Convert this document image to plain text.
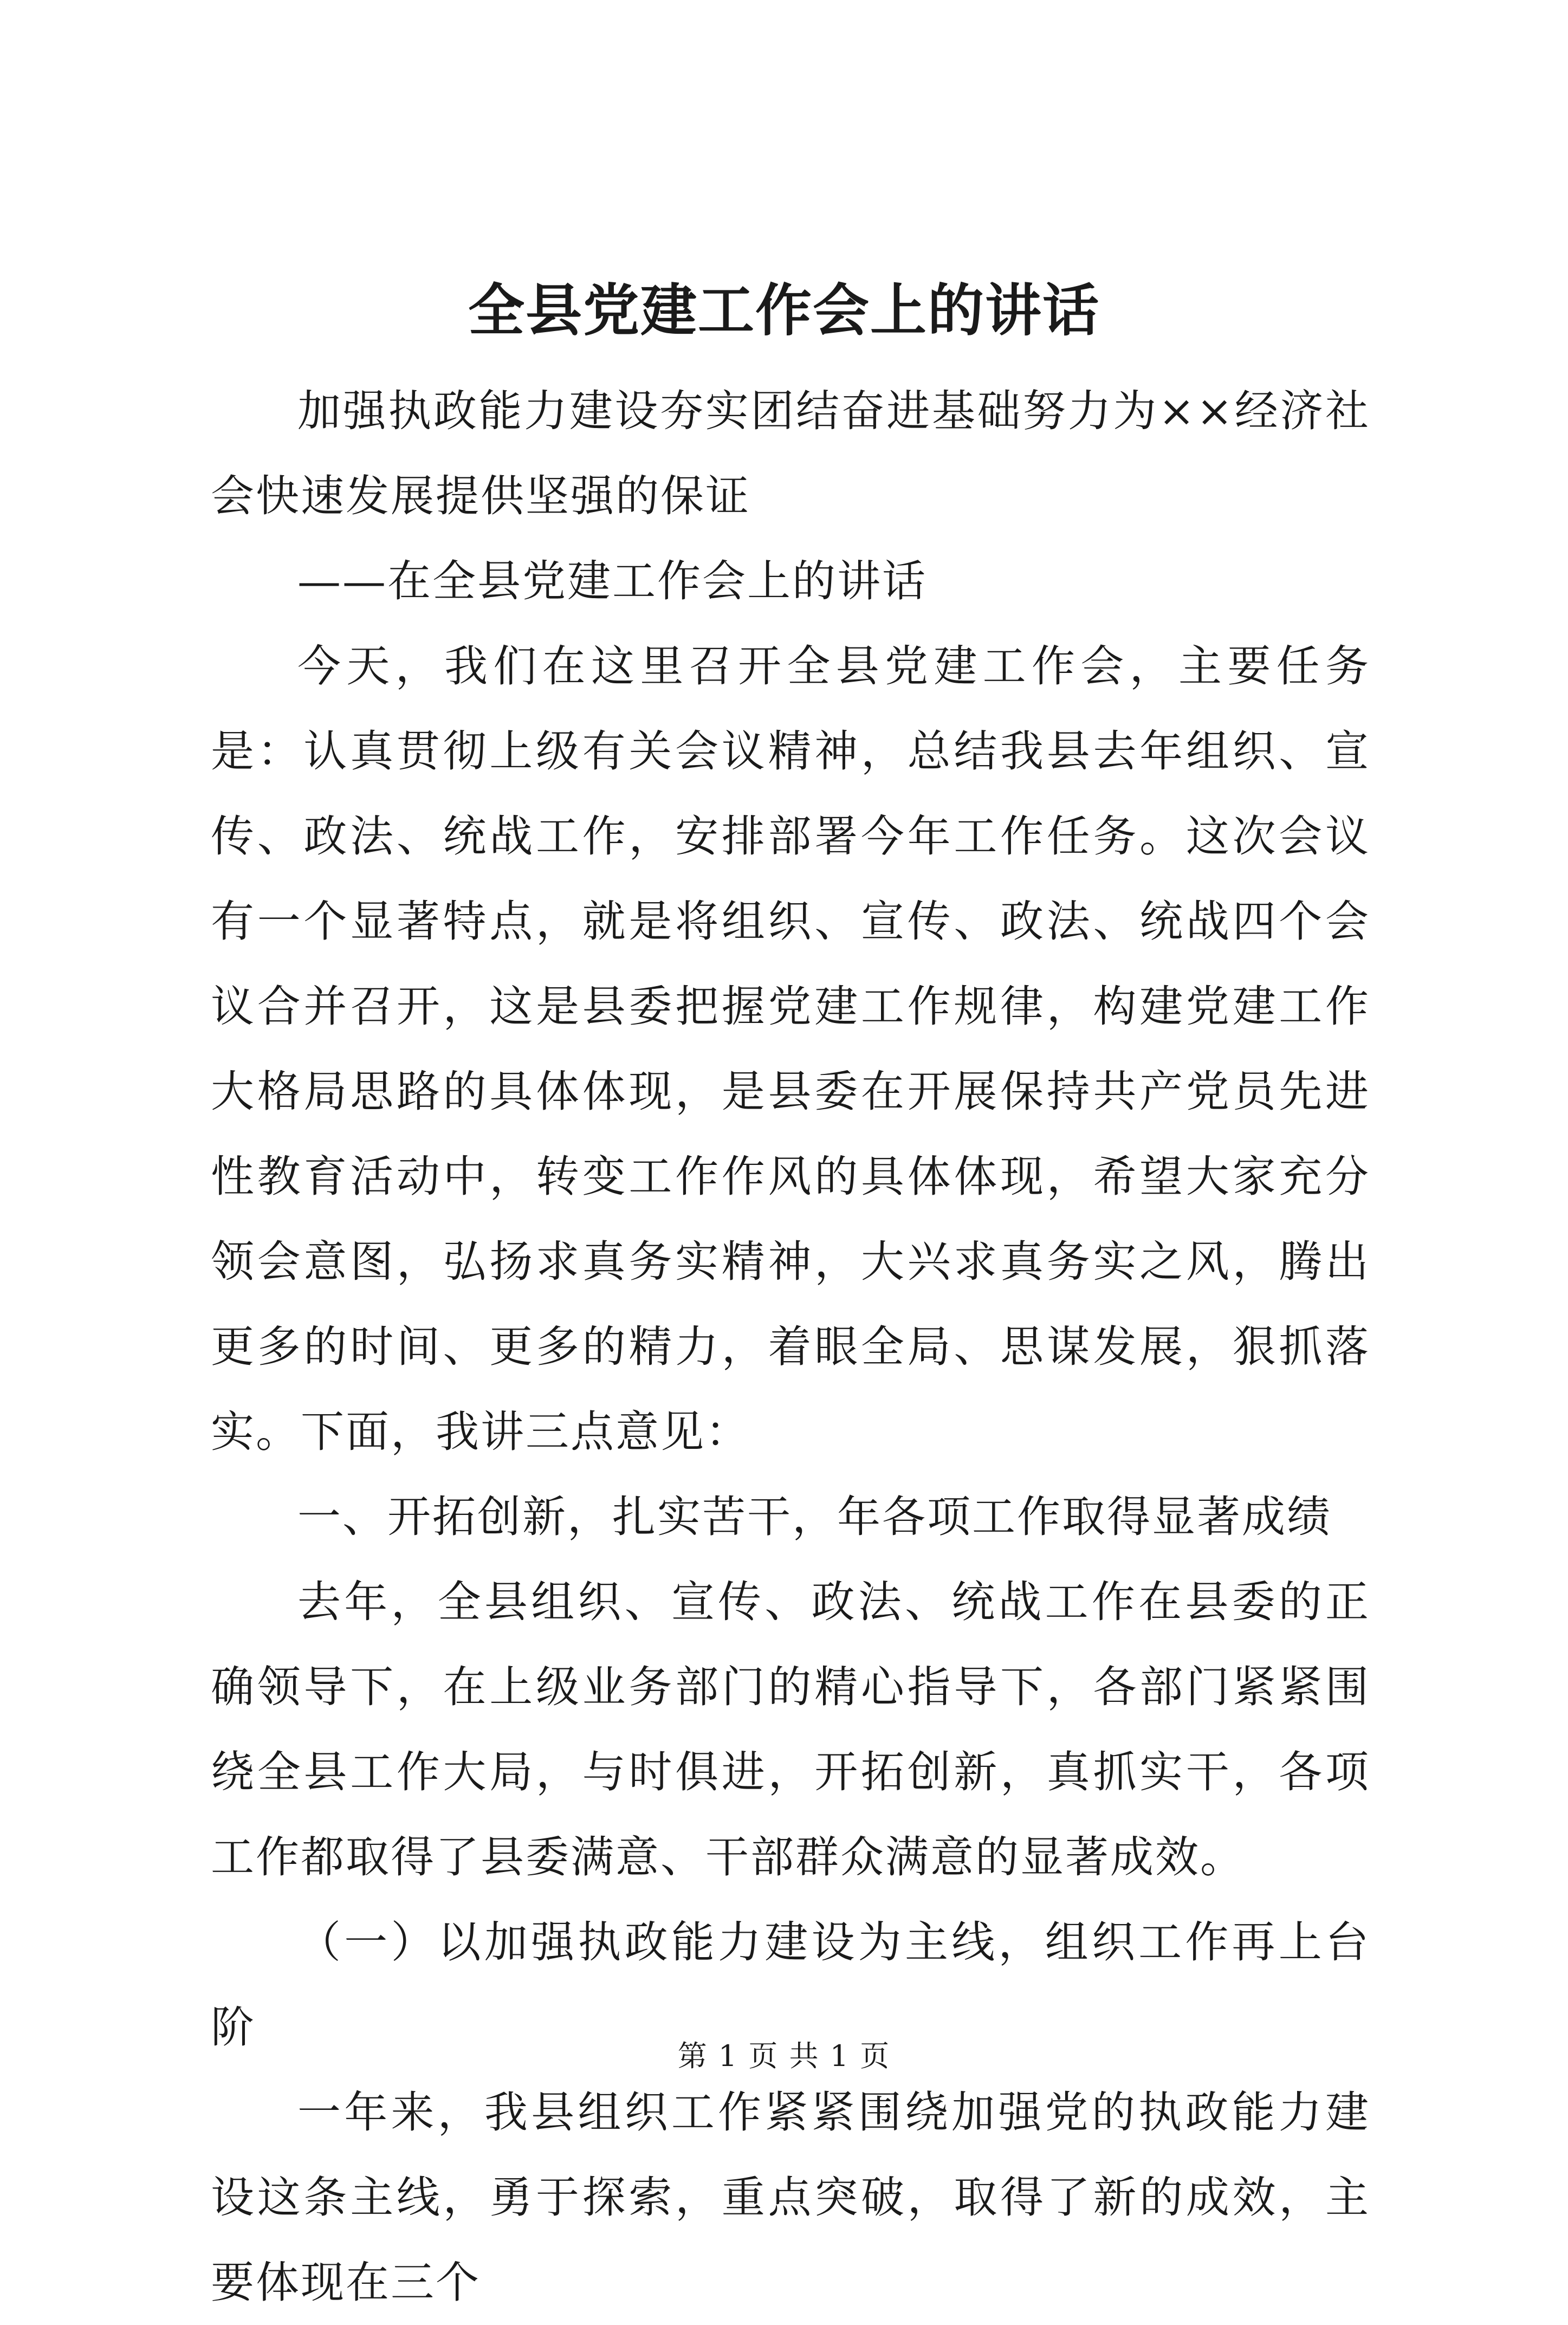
全县党建工作会上的讲话

加强执政能力建设夯实团结奋进基础努力为××经济社会快速发展提供坚强的保证

——在全县党建工作会上的讲话

今天，我们在这里召开全县党建工作会，主要任务是：认真贯彻上级有关会议精神，总结我县去年组织、宣传、政法、统战工作，安排部署今年工作任务。这次会议有一个显著特点，就是将组织、宣传、政法、统战四个会议合并召开，这是县委把握党建工作规律，构建党建工作大格局思路的具体体现，是县委在开展保持共产党员先进性教育活动中，转变工作作风的具体体现，希望大家充分领会意图，弘扬求真务实精神，大兴求真务实之风，腾出更多的时间、更多的精力，着眼全局、思谋发展，狠抓落实。下面，我讲三点意见：

一、开拓创新，扎实苦干，年各项工作取得显著成绩

去年，全县组织、宣传、政法、统战工作在县委的正确领导下，在上级业务部门的精心指导下，各部门紧紧围绕全县工作大局，与时俱进，开拓创新，真抓实干，各项工作都取得了县委满意、干部群众满意的显著成效。

（一）以加强执政能力建设为主线，组织工作再上台阶

一年来，我县组织工作紧紧围绕加强党的执政能力建设这条主线，勇于探索，重点突破，取得了新的成效，主要体现在三个

第 1 页 共 1 页
